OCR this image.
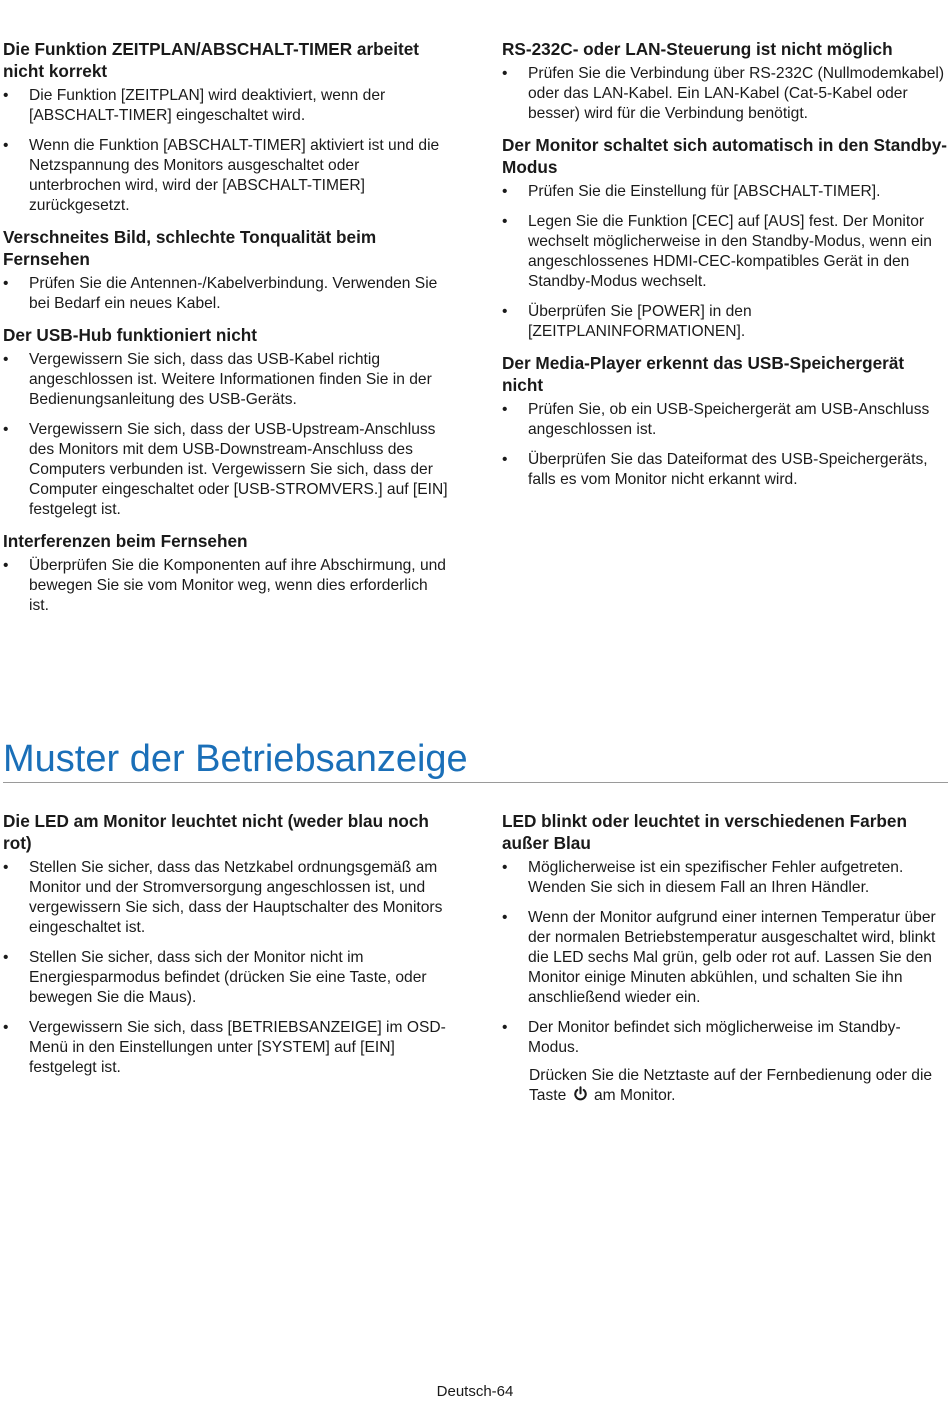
Die Funktion ZEITPLAN/ABSCHALT-TIMER arbeitet nicht korrekt
• Die Funktion [ZEITPLAN] wird deaktiviert, wenn der [ABSCHALT-TIMER] eingeschaltet wird.
• Wenn die Funktion [ABSCHALT-TIMER] aktiviert ist und die Netzspannung des Monitors ausgeschaltet oder unterbrochen wird, wird der [ABSCHALT-TIMER] zurückgesetzt.
Verschneites Bild, schlechte Tonqualität beim Fernsehen
• Prüfen Sie die Antennen-/Kabelverbindung. Verwenden Sie bei Bedarf ein neues Kabel.
Der USB-Hub funktioniert nicht
• Vergewissern Sie sich, dass das USB-Kabel richtig angeschlossen ist. Weitere Informationen finden Sie in der Bedienungsanleitung des USB-Geräts.
• Vergewissern Sie sich, dass der USB-Upstream-Anschluss des Monitors mit dem USB-Downstream-Anschluss des Computers verbunden ist. Vergewissern Sie sich, dass der Computer eingeschaltet oder [USB-STROMVERS.] auf [EIN] festgelegt ist.
Interferenzen beim Fernsehen
• Überprüfen Sie die Komponenten auf ihre Abschirmung, und bewegen Sie sie vom Monitor weg, wenn dies erforderlich ist.
RS-232C- oder LAN-Steuerung ist nicht möglich
• Prüfen Sie die Verbindung über RS-232C (Nullmodemkabel) oder das LAN-Kabel. Ein LAN-Kabel (Cat-5-Kabel oder besser) wird für die Verbindung benötigt.
Der Monitor schaltet sich automatisch in den Standby-Modus
• Prüfen Sie die Einstellung für [ABSCHALT-TIMER].
• Legen Sie die Funktion [CEC] auf [AUS] fest. Der Monitor wechselt möglicherweise in den Standby-Modus, wenn ein angeschlossenes HDMI-CEC-kompatibles Gerät in den Standby-Modus wechselt.
• Überprüfen Sie [POWER] in den [ZEITPLANINFORMATIONEN].
Der Media-Player erkennt das USB-Speichergerät nicht
• Prüfen Sie, ob ein USB-Speichergerät am USB-Anschluss angeschlossen ist.
• Überprüfen Sie das Dateiformat des USB-Speichergeräts, falls es vom Monitor nicht erkannt wird.
Muster der Betriebsanzeige
Die LED am Monitor leuchtet nicht (weder blau noch rot)
• Stellen Sie sicher, dass das Netzkabel ordnungsgemäß am Monitor und der Stromversorgung angeschlossen ist, und vergewissern Sie sich, dass der Hauptschalter des Monitors eingeschaltet ist.
• Stellen Sie sicher, dass sich der Monitor nicht im Energiesparmodus befindet (drücken Sie eine Taste, oder bewegen Sie die Maus).
• Vergewissern Sie sich, dass [BETRIEBSANZEIGE] im OSD-Menü in den Einstellungen unter [SYSTEM] auf [EIN] festgelegt ist.
LED blinkt oder leuchtet in verschiedenen Farben außer Blau
• Möglicherweise ist ein spezifischer Fehler aufgetreten. Wenden Sie sich in diesem Fall an Ihren Händler.
• Wenn der Monitor aufgrund einer internen Temperatur über der normalen Betriebstemperatur ausgeschaltet wird, blinkt die LED sechs Mal grün, gelb oder rot auf. Lassen Sie den Monitor einige Minuten abkühlen, und schalten Sie ihn anschließend wieder ein.
• Der Monitor befindet sich möglicherweise im Standby-Modus.
Drücken Sie die Netztaste auf der Fernbedienung oder die Taste am Monitor.
Deutsch-64
